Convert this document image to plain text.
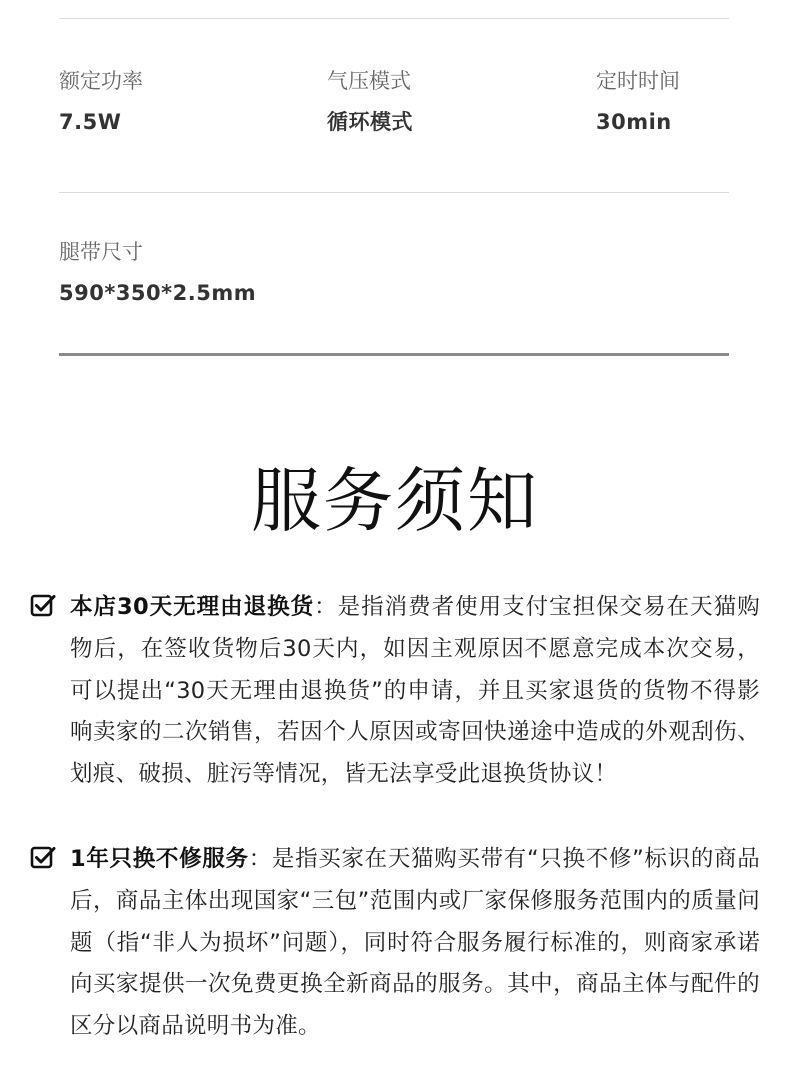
额定功率
7.5W
气压模式
循环模式
定时时间
30min
腿带尺寸
590*350*2.5mm
服务须知
本店30天无理由退换货：是指消费者使用支付宝担保交易在天猫购物后，在签收货物后30天内，如因主观原因不愿意完成本次交易，可以提出“30天无理由退换货”的申请，并且买家退货的货物不得影响卖家的二次销售，若因个人原因或寄回快递途中造成的外观刮伤、划痕、破损、脏污等情况，皆无法享受此退换货协议！
1年只换不修服务：是指买家在天猫购买带有“只换不修”标识的商品后，商品主体出现国家“三包”范围内或厂家保修服务范围内的质量问题（指“非人为损坏”问题），同时符合服务履行标准的，则商家承诺向买家提供一次免费更换全新商品的服务。其中，商品主体与配件的区分以商品说明书为准。
